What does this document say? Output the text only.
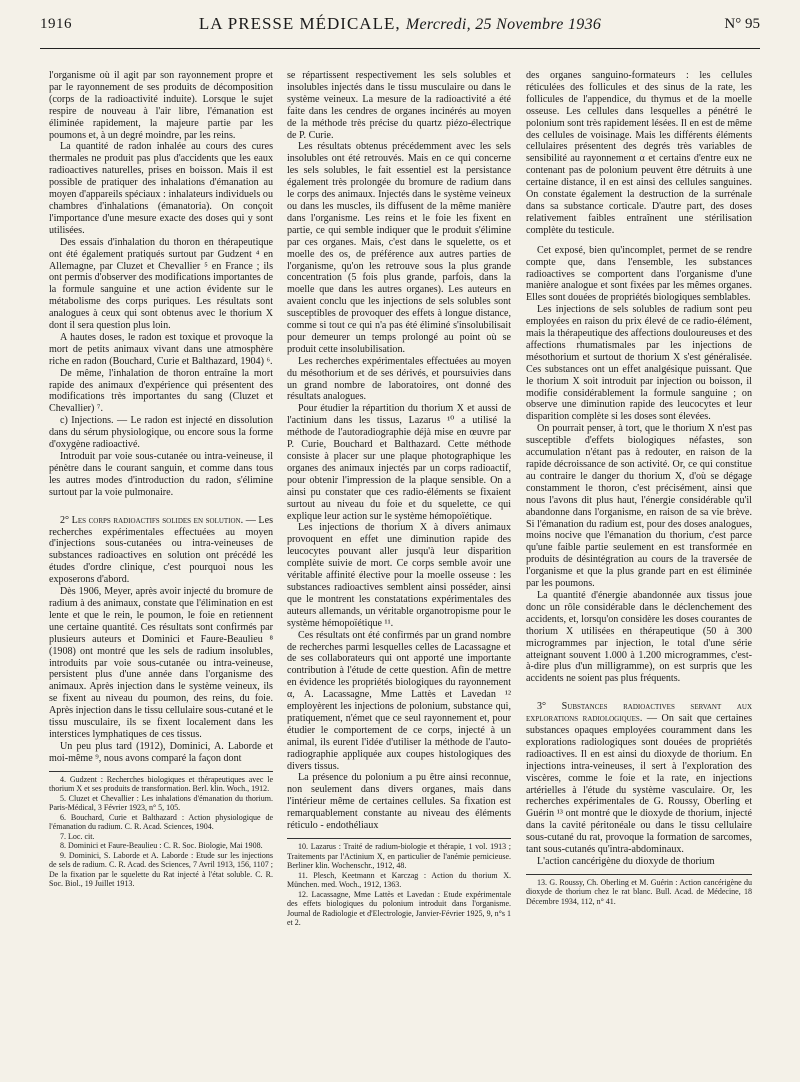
1916	LA PRESSE MÉDICALE, Mercredi, 25 Novembre 1936	N° 95

l'organisme où il agit par son rayonnement propre et par le rayonnement de ses produits de décomposition (corps de la radioactivité induite). Lorsque le sujet respire de nouveau à l'air libre, l'émanation est éliminée rapidement, la majeure partie par les poumons et, à un degré moindre, par les reins.

La quantité de radon inhalée au cours des cures thermales ne produit pas plus d'accidents que les eaux radioactives naturelles, prises en boisson. Mais il est possible de pratiquer des inhalations d'émanation au moyen d'appareils spéciaux : inhalateurs individuels ou chambres d'inhalations (émanatoria). On conçoit l'importance d'une mesure exacte des doses qui y sont utilisées.

Des essais d'inhalation du thoron en thérapeutique ont été également pratiqués surtout par Gudzent ⁴ en Allemagne, par Cluzet et Chevallier ⁵ en France ; ils ont permis d'observer des modifications importantes de la formule sanguine et une action évidente sur le métabolisme des corps puriques. Les résultats sont analogues à ceux qui sont obtenus avec le thorium X dont il sera question plus loin.

A hautes doses, le radon est toxique et provoque la mort de petits animaux vivant dans une atmosphère riche en radon (Bouchard, Curie et Balthazard, 1904) ⁶.

De même, l'inhalation de thoron entraîne la mort rapide des animaux d'expérience qui présentent des modifications très importantes du sang (Cluzet et Chevallier) ⁷.

c) Injections. — Le radon est injecté en dissolution dans du sérum physiologique, ou encore sous la forme d'oxygène radioactivé.

Introduit par voie sous-cutanée ou intra-veineuse, il pénètre dans le courant sanguin, et comme dans tous les autres modes d'introduction du radon, s'élimine surtout par la voie pulmonaire.

2° Les corps radioactifs solides en solution. — Les recherches expérimentales effectuées au moyen d'injections sous-cutanées ou intra-veineuses de substances radioactives en solution ont précédé les études d'ordre clinique, c'est pourquoi nous les exposerons d'abord.

Dès 1906, Meyer, après avoir injecté du bromure de radium à des animaux, constate que l'élimination en est lente et que le rein, le poumon, le foie en retiennent une certaine quantité. Ces résultats sont confirmés par plusieurs auteurs et Dominici et Faure-Beaulieu ⁸ (1908) ont montré que les sels de radium insolubles, introduits par voie sous-cutanée ou intra-veineuse, persistent plus d'une année dans l'organisme des animaux. Après injection dans le système veineux, ils se fixent au niveau du poumon, des reins, du foie. Après injection dans le tissu cellulaire sous-cutané et le tissu musculaire, ils se fixent localement dans les interstices lymphatiques de ces tissus.

Un peu plus tard (1912), Dominici, A. Laborde et moi-même ⁹, nous avons comparé la façon dont

4. Gudzent : Recherches biologiques et thérapeutiques avec le thorium X et ses produits de transformation. Berl. klin. Woch., 1912.

5. Cluzet et Chevallier : Les inhalations d'émanation du thorium. Paris-Médical, 3 Février 1923, n° 5, 105.

6. Bouchard, Curie et Balthazard : Action physiologique de l'émanation du radium. C. R. Acad. Sciences, 1904.

7. Loc. cit.

8. Dominici et Faure-Beaulieu : C. R. Soc. Biologie, Mai 1908.

9. Dominici, S. Laborde et A. Laborde : Etude sur les injections de sels de radium. C. R. Acad. des Sciences, 7 Avril 1913, 156, 1107 ; De la fixation par le squelette du Rat injecté à l'état soluble. C. R. Soc. Biol., 19 Juillet 1913.

se répartissent respectivement les sels solubles et insolubles injectés dans le tissu musculaire ou dans le système veineux. La mesure de la radioactivité a été faite dans les cendres de organes incinérés au moyen de la méthode très précise du quartz piézo-électrique de P. Curie.

Les résultats obtenus précédemment avec les sels insolubles ont été retrouvés. Mais en ce qui concerne les sels solubles, le fait essentiel est la persistance également très prolongée du bromure de radium dans le corps des animaux. Injectés dans le système veineux ou dans les muscles, ils diffusent de la même manière dans l'organisme. Les reins et le foie les fixent en partie, ce qui semble indiquer que le produit s'élimine par ces organes. Mais, c'est dans le squelette, os et moelle des os, de préférence aux autres parties de l'organisme, qu'on les retrouve sous la plus grande concentration (5 fois plus grande, parfois, dans la moelle que dans les autres organes). Les auteurs en avaient conclu que les injections de sels solubles sont susceptibles de provoquer des effets à longue distance, comme si tout ce qui n'a pas été éliminé s'insolubilisait pour demeurer un temps prolongé au point où se produit cette insolubilisation.

Les recherches expérimentales effectuées au moyen du mésothorium et de ses dérivés, et poursuivies dans un grand nombre de laboratoires, ont donné des résultats analogues.

Pour étudier la répartition du thorium X et aussi de l'actinium dans les tissus, Lazarus ¹⁰ a utilisé la méthode de l'autoradiographie déjà mise en œuvre par P. Curie, Bouchard et Balthazard. Cette méthode consiste à placer sur une plaque photographique les organes des animaux injectés par un corps radioactif, pour obtenir l'impression de la plaque sensible. On a ainsi pu constater que ces radio-éléments se fixaient surtout au niveau du foie et du squelette, ce qui explique leur action sur le système hémopoïétique.

Les injections de thorium X à divers animaux provoquent en effet une diminution rapide des leucocytes pouvant aller jusqu'à leur disparition complète suivie de mort. Ce corps semble avoir une véritable affinité élective pour la moelle osseuse : les substances radioactives semblent ainsi posséder, ainsi que le montrent les constatations expérimentales des auteurs allemands, un véritable organotropisme pour le système hémopoïétique ¹¹.

Ces résultats ont été confirmés par un grand nombre de recherches parmi lesquelles celles de Lacassagne et de ses collaborateurs qui ont apporté une importante contribution à l'étude de cette question. Afin de mettre en évidence les propriétés biologiques du rayonnement α, A. Lacassagne, Mme Lattès et Lavedan ¹² employèrent les injections de polonium, substance qui, pratiquement, n'émet que ce seul rayonnement et, pour étudier le comportement de ce corps, injecté à un animal, ils eurent l'idée d'utiliser la méthode de l'auto-radiographie appliquée aux coupes histologiques des divers tissus.

La présence du polonium a pu être ainsi reconnue, non seulement dans divers organes, mais dans l'intérieur même de certaines cellules. Sa fixation est remarquablement constante au niveau des éléments réticulo - endothéliaux

10. Lazarus : Traité de radium-biologie et thérapie, 1 vol. 1913 ; Traitements par l'Actinium X, en particulier de l'anémie pernicieuse. Berliner klin. Wochenschr., 1912, 48.

11. Plesch, Keetmann et Karczag : Action du thorium X. München. med. Woch., 1912, 1363.

12. Lacassagne, Mme Lattès et Lavedan : Etude expérimentale des effets biologiques du polonium introduit dans l'organisme. Journal de Radiologie et d'Electrologie, Janvier-Février 1925, 9, n°s 1 et 2.

des organes sanguino-formateurs : les cellules réticulées des follicules et des sinus de la rate, les follicules de l'appendice, du thymus et de la moelle osseuse. Les cellules dans lesquelles a pénétré le polonium sont très rapidement lésées. Il en est de même des cellules de voisinage. Mais les différents éléments cellulaires présentent des degrés très variables de sensibilité au rayonnement α et certains d'entre eux ne contenant pas de polonium peuvent être détruits à une certaine distance, il en est ainsi des cellules sanguines. On constate également la destruction de la surrénale dans sa substance corticale. D'autre part, des doses relativement faibles entraînent une stérilisation complète du testicule.

Cet exposé, bien qu'incomplet, permet de se rendre compte que, dans l'ensemble, les substances radioactives se comportent dans l'organisme d'une manière analogue et sont fixées par les mêmes organes. Elles sont douées de propriétés biologiques semblables.

Les injections de sels solubles de radium sont peu employées en raison du prix élevé de ce radio-élément, mais la thérapeutique des affections douloureuses et des affections rhumatismales par les injections de mésothorium et surtout de thorium X s'est généralisée. Ces substances ont un effet analgésique puissant. Que le thorium X soit introduit par injection ou boisson, il modifie considérablement la formule sanguine ; on observe une diminution rapide des leucocytes et leur disparition complète si les doses sont élevées.

On pourrait penser, à tort, que le thorium X n'est pas susceptible d'effets biologiques néfastes, son accumulation n'étant pas à redouter, en raison de la rapide décroissance de son activité. Or, ce qui constitue au contraire le danger du thorium X, d'où se dégage constamment le thoron, c'est précisément, ainsi que nous l'avons dit plus haut, l'énergie considérable qu'il abandonne dans l'organisme, en raison de sa vie brève. Si l'émanation du radium est, pour des doses analogues, moins nocive que l'émanation du thorium, c'est parce qu'une faible partie seulement en est transformée en produits de désintégration au cours de la traversée de l'organisme et que la plus grande part en est éliminée par les poumons.

La quantité d'énergie abandonnée aux tissus joue donc un rôle considérable dans le déclenchement des accidents, et, lorsqu'on considère les doses courantes de thorium X utilisées en thérapeutique (50 à 300 microgrammes par injection, le total d'une série atteignant souvent 1.000 à 1.200 microgrammes, c'est-à-dire plus d'un milligramme), on est surpris que les accidents ne soient pas plus fréquents.

3° Substances radioactives servant aux explorations radiologiques. — On sait que certaines substances opaques employées couramment dans les explorations radiologiques sont douées de propriétés radioactives. Il en est ainsi du dioxyde de thorium. En injections intra-veineuses, il sert à l'exploration des viscères, comme le foie et la rate, en injections artérielles à l'étude du système vasculaire. Or, les recherches expérimentales de G. Roussy, Oberling et Guérin ¹³ ont montré que le dioxyde de thorium, injecté dans la cavité péritonéale ou dans le tissu cellulaire sous-cutané du rat, provoque la formation de sarcomes, tant sous-cutanés qu'intra-abdominaux.

L'action cancérigène du dioxyde de thorium

13. G. Roussy, Ch. Oberling et M. Guérin : Action cancérigène du dioxyde de thorium chez le rat blanc. Bull. Acad. de Médecine, 18 Décembre 1934, 112, n° 41.
